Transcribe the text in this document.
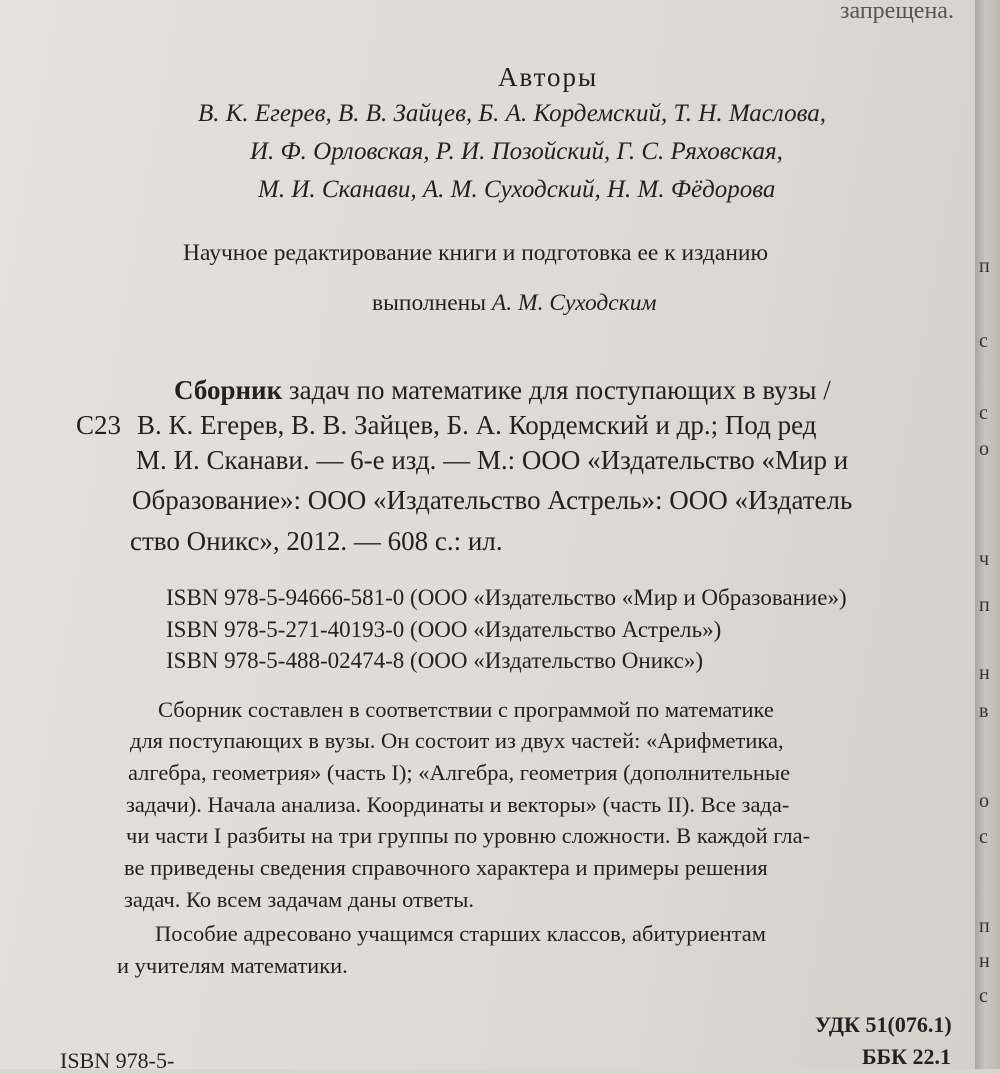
запрещена.
Авторы
В. К. Егерев, В. В. Зайцев, Б. А. Кордемский, Т. Н. Маслова,
И. Ф. Орловская, Р. И. Позойский, Г. С. Ряховская,
М. И. Сканави, А. М. Суходский, Н. М. Фёдорова
Научное редактирование книги и подготовка ее к изданию
выполнены А. М. Суходским
Сборник задач по математике для поступающих в вузы /
С23 В. К. Егерев, В. В. Зайцев, Б. А. Кордемский и др.; Под ред
М. И. Сканави. — 6-е изд. — М.: ООО «Издательство «Мир и
Образование»: ООО «Издательство Астрель»: ООО «Издатель
ство Оникс», 2012. — 608 с.: ил.
ISBN 978-5-94666-581-0 (ООО «Издательство «Мир и Образование»)
ISBN 978-5-271-40193-0 (ООО «Издательство Астрель»)
ISBN 978-5-488-02474-8 (ООО «Издательство Оникс»)
Сборник составлен в соответствии с программой по математике
для поступающих в вузы. Он состоит из двух частей: «Арифметика,
алгебра, геометрия» (часть I); «Алгебра, геометрия (дополнительные
задачи). Начала анализа. Координаты и векторы» (часть II). Все зада-
чи части I разбиты на три группы по уровню сложности. В каждой гла-
ве приведены сведения справочного характера и примеры решения
задач. Ко всем задачам даны ответы.
Пособие адресовано учащимся старших классов, абитуриентам
и учителям математики.
УДК 51(076.1)
ББК 22.1
ISBN 978-5-
п
с
с
о
ч
п
н
в
о
с
п
н
с
